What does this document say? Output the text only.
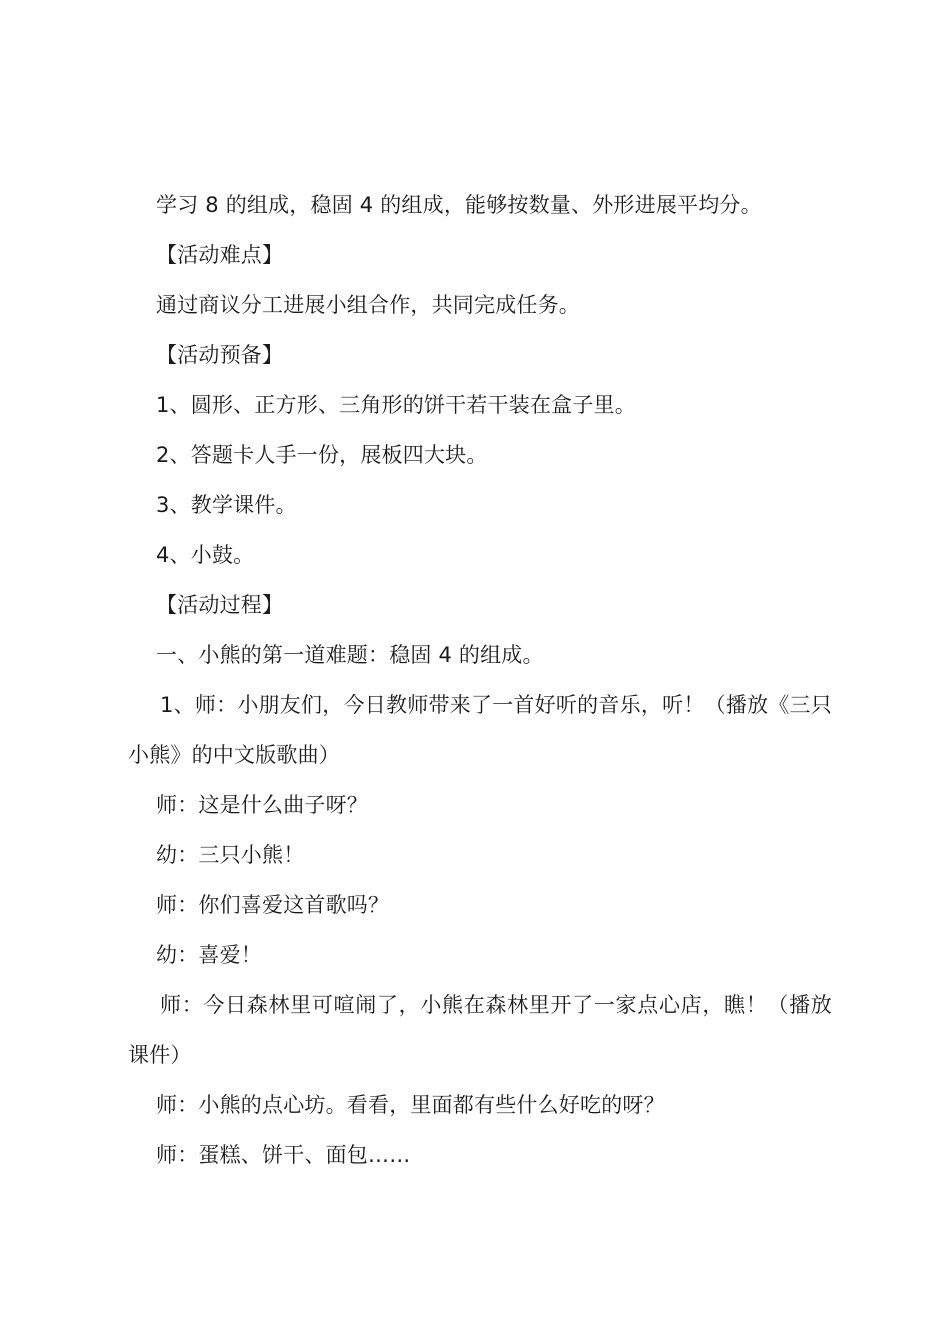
学习 8 的组成，稳固 4 的组成，能够按数量、外形进展平均分。
【活动难点】
通过商议分工进展小组合作，共同完成任务。
【活动预备】
1、圆形、正方形、三角形的饼干若干装在盒子里。
2、答题卡人手一份，展板四大块。
3、教学课件。
4、小鼓。
【活动过程】
一、小熊的第一道难题：稳固 4 的组成。
1、师：小朋友们，今日教师带来了一首好听的音乐，听！（播放《三只小熊》的中文版歌曲）
师：这是什么曲子呀？
幼：三只小熊！
师：你们喜爱这首歌吗？
幼：喜爱！
师：今日森林里可喧闹了，小熊在森林里开了一家点心店，瞧！（播放课件）
师：小熊的点心坊。看看，里面都有些什么好吃的呀？
师：蛋糕、饼干、面包……
